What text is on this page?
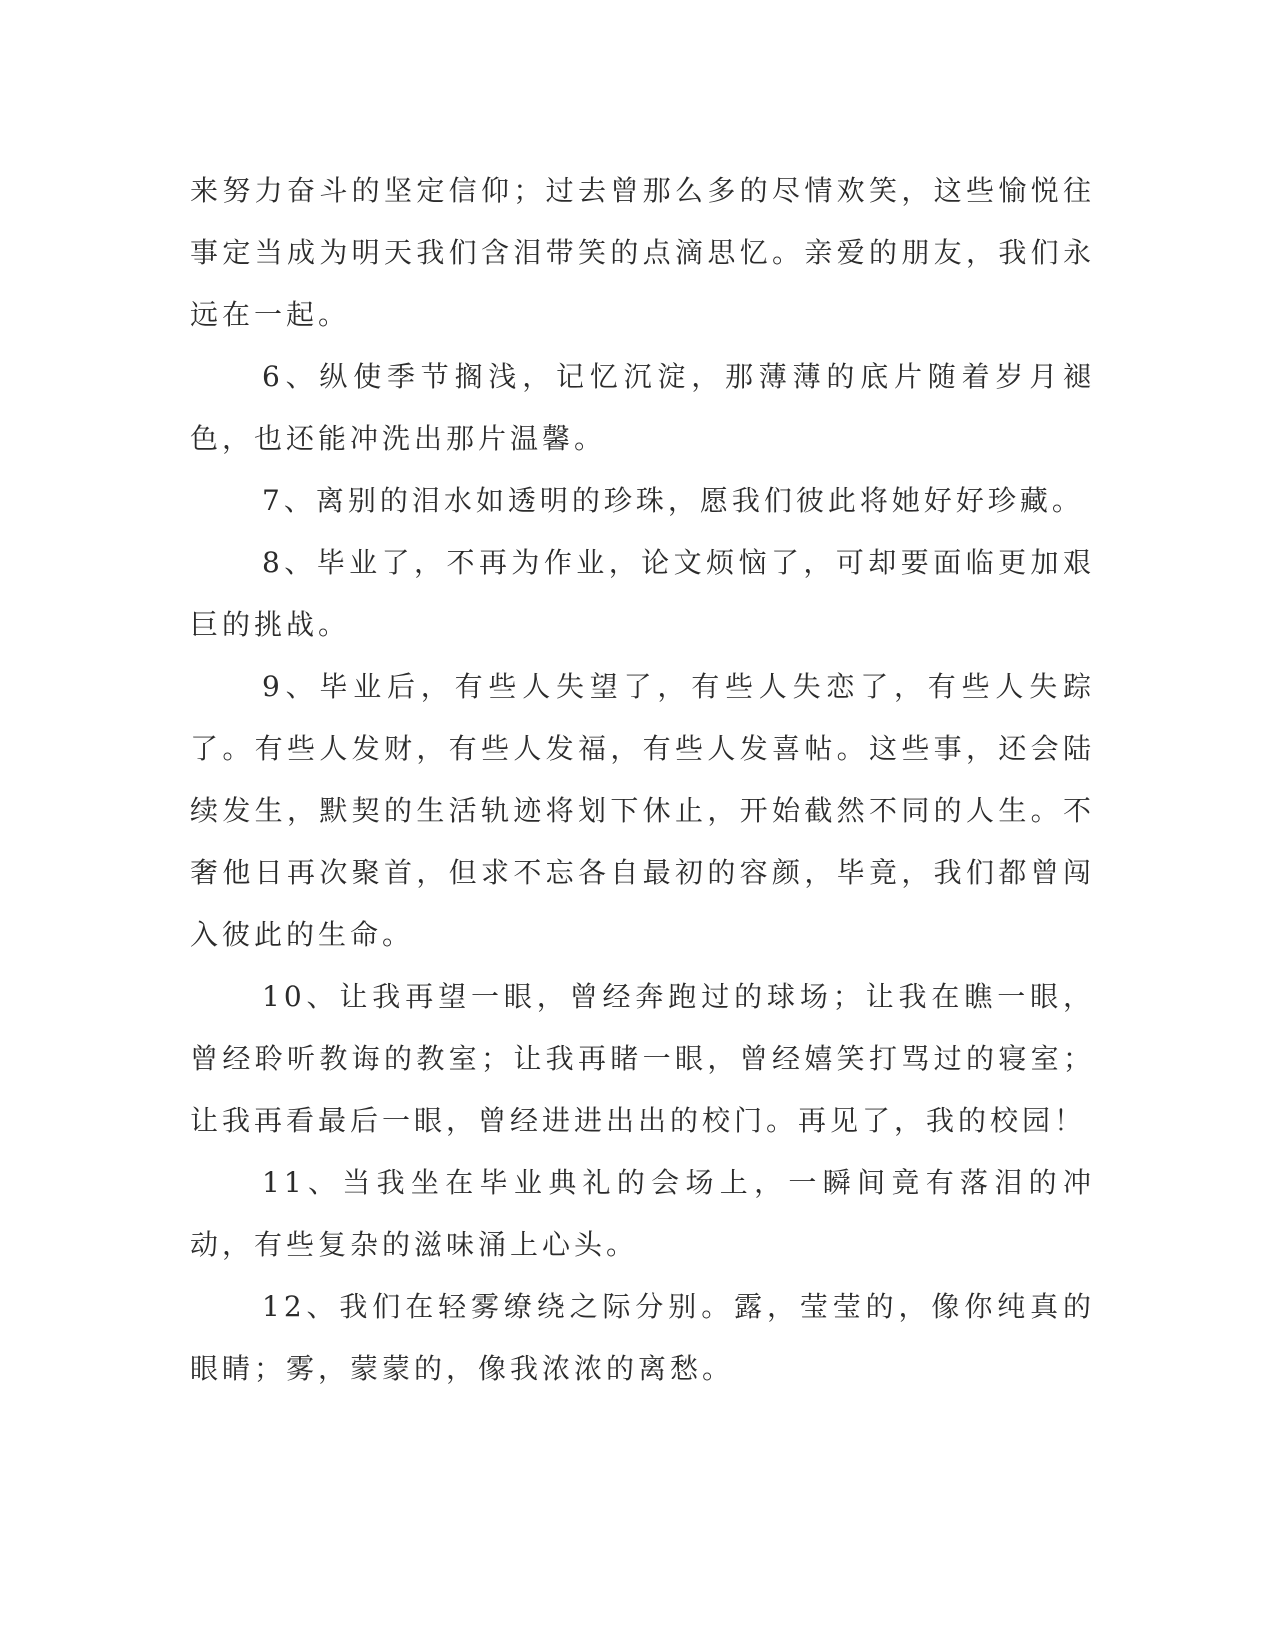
来努力奋斗的坚定信仰；过去曾那么多的尽情欢笑，这些愉悦往事定当成为明天我们含泪带笑的点滴思忆。亲爱的朋友，我们永远在一起。

6、纵使季节搁浅，记忆沉淀，那薄薄的底片随着岁月褪色，也还能冲洗出那片温馨。

7、离别的泪水如透明的珍珠，愿我们彼此将她好好珍藏。

8、毕业了，不再为作业，论文烦恼了，可却要面临更加艰巨的挑战。

9、毕业后，有些人失望了，有些人失恋了，有些人失踪了。有些人发财，有些人发福，有些人发喜帖。这些事，还会陆续发生，默契的生活轨迹将划下休止，开始截然不同的人生。不奢他日再次聚首，但求不忘各自最初的容颜，毕竟，我们都曾闯入彼此的生命。

10、让我再望一眼，曾经奔跑过的球场；让我在瞧一眼，曾经聆听教诲的教室；让我再睹一眼，曾经嬉笑打骂过的寝室；让我再看最后一眼，曾经进进出出的校门。再见了，我的校园！

11、当我坐在毕业典礼的会场上，一瞬间竟有落泪的冲动，有些复杂的滋味涌上心头。

12、我们在轻雾缭绕之际分别。露，莹莹的，像你纯真的眼睛；雾，蒙蒙的，像我浓浓的离愁。
